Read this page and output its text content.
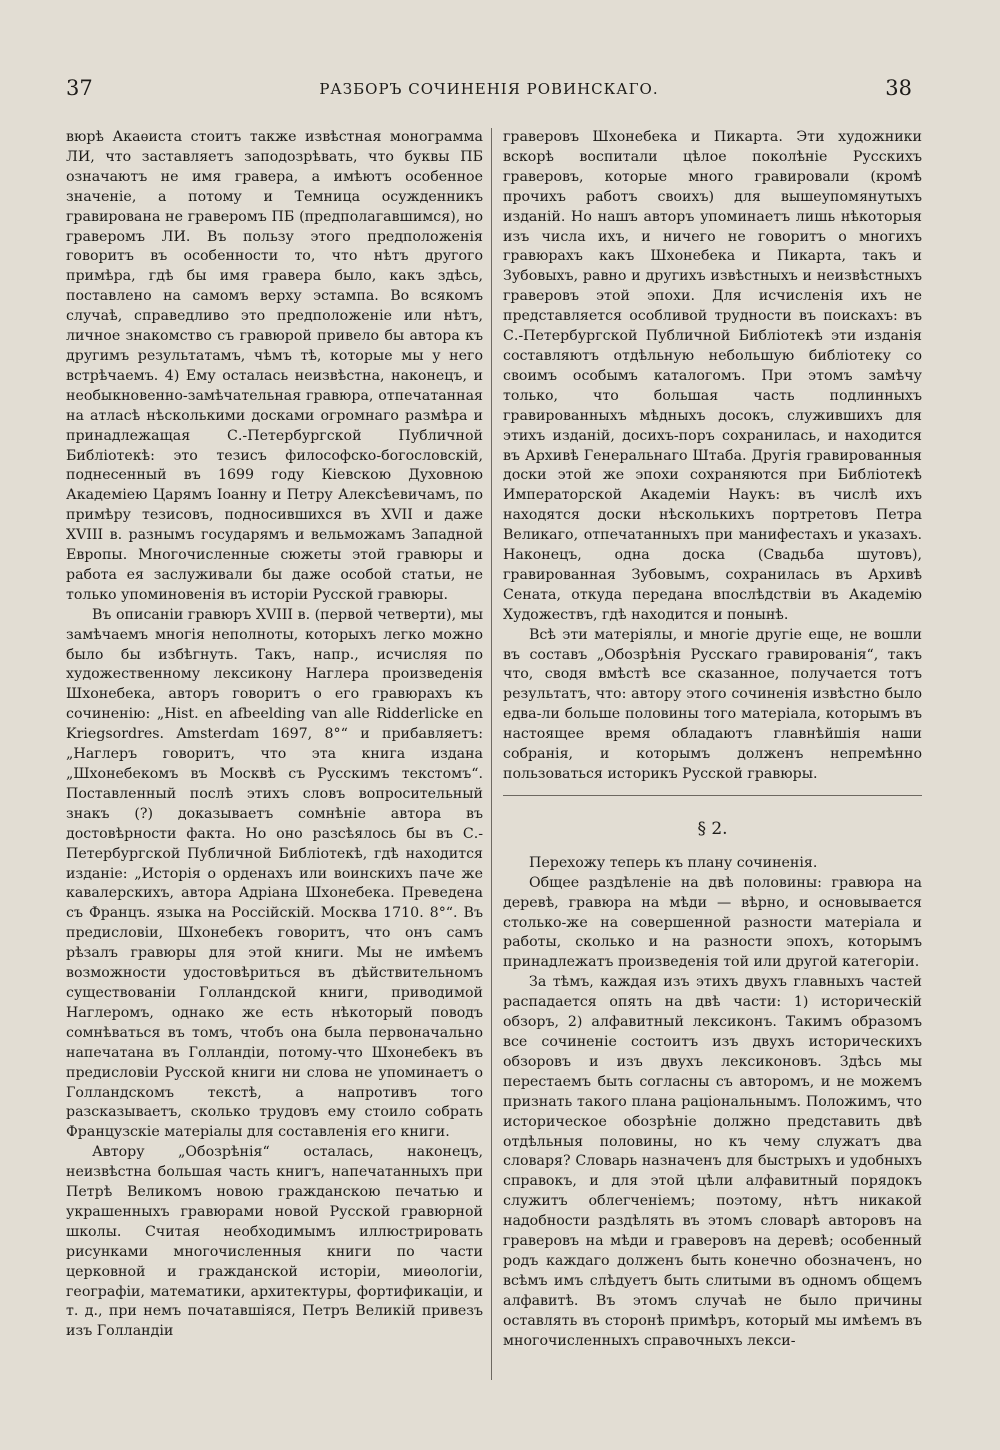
37	РАЗБОРЪ СОЧИНЕНІЯ РОВИНСКАГО.	38

вюрѣ Акаѳиста стоитъ также извѣстная монограмма ЛИ, что заставляетъ заподозрѣвать, что буквы ПБ означаютъ не имя гравера, а имѣютъ особенное значеніе, а потому и Темница осужденникъ гравирована не граверомъ ПБ (предполагавшимся), но граверомъ ЛИ. Въ пользу этого предположенія говоритъ въ особенности то, что нѣтъ другого примѣра, гдѣ бы имя гравера было, какъ здѣсь, поставлено на самомъ верху эстампа. Во всякомъ случаѣ, справедливо это предположеніе или нѣтъ, личное знакомство съ гравюрой привело бы автора къ другимъ результатамъ, чѣмъ тѣ, которые мы у него встрѣчаемъ. 4) Ему осталась неизвѣстна, наконецъ, и необыкновенно-замѣчательная гравюра, отпечатанная на атласѣ нѣсколькими досками огромнаго размѣра и принадлежащая С.-Петербургской Публичной Библіотекѣ: это тезисъ философско-богословскій, поднесенный въ 1699 году Кіевскою Духовною Академіею Царямъ Іоанну и Петру Алексѣевичамъ, по примѣру тезисовъ, подносившихся въ XVII и даже XVIII в. разнымъ государямъ и вельможамъ Западной Европы. Многочисленные сюжеты этой гравюры и работа ея заслуживали бы даже особой статьи, не только упоминовенія въ исторіи Русской гравюры.

Въ описаніи гравюръ XVIII в. (первой четверти), мы замѣчаемъ многія неполноты, которыхъ легко можно было бы избѣгнуть. Такъ, напр., исчисляя по художественному лексикону Наглера произведенія Шхонебека, авторъ говоритъ о его гравюрахъ къ сочиненію: „Hist. en afbeelding van alle Ridderlicke en Kriegsordres. Amsterdam 1697, 8°“ и прибавляетъ: „Наглеръ говоритъ, что эта книга издана „Шхонебекомъ въ Москвѣ съ Русскимъ текстомъ“. Поставленный послѣ этихъ словъ вопросительный знакъ (?) доказываетъ сомнѣніе автора въ достовѣрности факта. Но оно разсѣялось бы въ С.-Петербургской Публичной Библіотекѣ, гдѣ находится изданіе: „Исторія о орденахъ или воинскихъ паче же кавалерскихъ, автора Адріана Шхонебека. Преведена съ Францъ. языка на Россійскій. Москва 1710. 8°“. Въ предисловіи, Шхонебекъ говоритъ, что онъ самъ рѣзалъ гравюры для этой книги. Мы не имѣемъ возможности удостовѣриться въ дѣйствительномъ существованіи Голландской книги, приводимой Наглеромъ, однако же есть нѣкоторый поводъ сомнѣваться въ томъ, чтобъ она была первоначально напечатана въ Голландіи, потому-что Шхонебекъ въ предисловіи Русской книги ни слова не упоминаетъ о Голландскомъ текстѣ, а напротивъ того разсказываетъ, сколько трудовъ ему стоило собрать Французскіе матеріалы для составленія его книги.

Автору „Обозрѣнія“ осталась, наконецъ, неизвѣстна большая часть книгъ, напечатанныхъ при Петрѣ Великомъ новою гражданскою печатью и украшенныхъ гравюрами новой Русской гравюрной школы. Считая необходимымъ иллюстрировать рисунками многочисленныя книги по части церковной и гражданской исторіи, миѳологіи, географіи, математики, архитектуры, фортификаціи, и т. д., при немъ початавшіяся, Петръ Великій привезъ изъ Голландіи

граверовъ Шхонебека и Пикарта. Эти художники вскорѣ воспитали цѣлое поколѣніе Русскихъ граверовъ, которые много гравировали (кромѣ прочихъ работъ своихъ) для вышеупомянутыхъ изданій. Но нашъ авторъ упоминаетъ лишь нѣкоторыя изъ числа ихъ, и ничего не говоритъ о многихъ гравюрахъ какъ Шхонебека и Пикарта, такъ и Зубовыхъ, равно и другихъ извѣстныхъ и неизвѣстныхъ граверовъ этой эпохи. Для исчисленія ихъ не представляется особливой трудности въ поискахъ: въ С.-Петербургской Публичной Библіотекѣ эти изданія составляютъ отдѣльную небольшую библіотеку со своимъ особымъ каталогомъ. При этомъ замѣчу только, что большая часть подлинныхъ гравированныхъ мѣдныхъ досокъ, служившихъ для этихъ изданій, досихъ-поръ сохранилась, и находится въ Архивѣ Генеральнаго Штаба. Другія гравированныя доски этой же эпохи сохраняются при Библіотекѣ Императорской Академіи Наукъ: въ числѣ ихъ находятся доски нѣсколькихъ портретовъ Петра Великаго, отпечатанныхъ при манифестахъ и указахъ. Наконецъ, одна доска (Свадьба шутовъ), гравированная Зубовымъ, сохранилась въ Архивѣ Сената, откуда передана впослѣдствіи въ Академію Художествъ, гдѣ находится и понынѣ.

Всѣ эти матеріялы, и многіе другіе еще, не вошли въ составъ „Обозрѣнія Русскаго гравированія“, такъ что, сводя вмѣстѣ все сказанное, получается тотъ результатъ, что: автору этого сочиненія извѣстно было едва-ли больше половины того матеріала, которымъ въ настоящее время обладаютъ главнѣйшія наши собранія, и которымъ долженъ непремѣнно пользоваться историкъ Русской гравюры.

§ 2.

Перехожу теперь къ плану сочиненія.

Общее раздѣленіе на двѣ половины: гравюра на деревѣ, гравюра на мѣди — вѣрно, и основывается столько-же на совершенной разности матеріала и работы, сколько и на разности эпохъ, которымъ принадлежатъ произведенія той или другой категоріи.

За тѣмъ, каждая изъ этихъ двухъ главныхъ частей распадается опять на двѣ части: 1) историческій обзоръ, 2) алфавитный лексиконъ. Такимъ образомъ все сочиненіе состоитъ изъ двухъ историческихъ обзоровъ и изъ двухъ лексиконовъ. Здѣсь мы перестаемъ быть согласны съ авторомъ, и не можемъ признать такого плана раціональнымъ. Положимъ, что историческое обозрѣніе должно представить двѣ отдѣльныя половины, но къ чему служатъ два словаря? Словарь назначенъ для быстрыхъ и удобныхъ справокъ, и для этой цѣли алфавитный порядокъ служитъ облегченіемъ; поэтому, нѣтъ никакой надобности раздѣлять въ этомъ словарѣ авторовъ на граверовъ на мѣди и граверовъ на деревѣ; особенный родъ каждаго долженъ быть конечно обозначенъ, но всѣмъ имъ слѣдуетъ быть слитыми въ одномъ общемъ алфавитѣ. Въ этомъ случаѣ не было причины оставлять въ сторонѣ примѣръ, который мы имѣемъ въ многочисленныхъ справочныхъ лекси-
